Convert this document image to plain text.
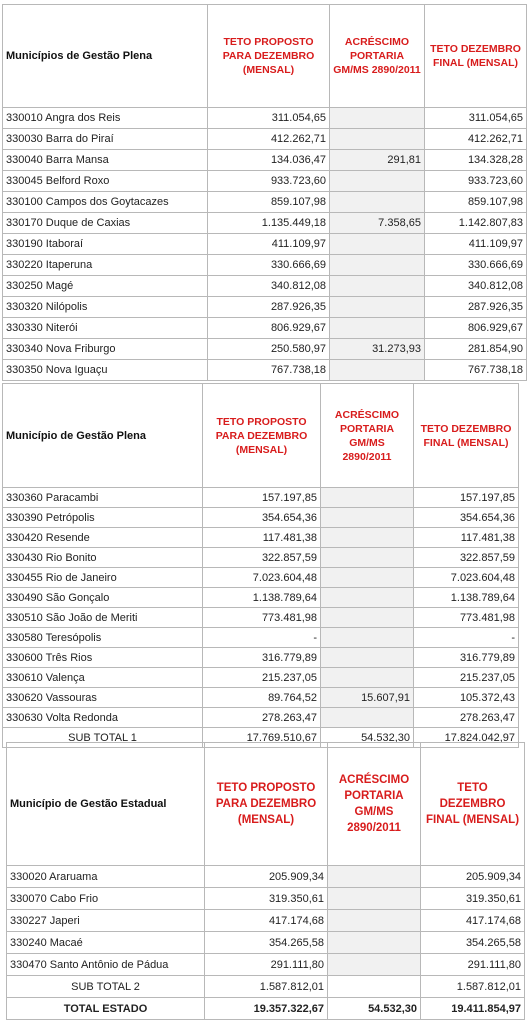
Municípios de Gestão Plena	TETO PROPOSTO PARA DEZEMBRO (MENSAL)	ACRÉSCIMO PORTARIA GM/MS 2890/2011	TETO DEZEMBRO FINAL (MENSAL)
330010 Angra dos Reis	311.054,65		311.054,65
330030 Barra do Piraí	412.262,71		412.262,71
330040 Barra Mansa	134.036,47	291,81	134.328,28
330045 Belford Roxo	933.723,60		933.723,60
330100 Campos dos Goytacazes	859.107,98		859.107,98
330170 Duque de Caxias	1.135.449,18	7.358,65	1.142.807,83
330190 Itaboraí	411.109,97		411.109,97
330220 Itaperuna	330.666,69		330.666,69
330250 Magé	340.812,08		340.812,08
330320 Nilópolis	287.926,35		287.926,35
330330 Niterói	806.929,67		806.929,67
330340 Nova Friburgo	250.580,97	31.273,93	281.854,90
330350 Nova Iguaçu	767.738,18		767.738,18
Município de Gestão Plena	TETO PROPOSTO PARA DEZEMBRO (MENSAL)	ACRÉSCIMO PORTARIA GM/MS 2890/2011	TETO DEZEMBRO FINAL (MENSAL)
330360 Paracambi	157.197,85		157.197,85
330390 Petrópolis	354.654,36		354.654,36
330420 Resende	117.481,38		117.481,38
330430 Rio Bonito	322.857,59		322.857,59
330455 Rio de Janeiro	7.023.604,48		7.023.604,48
330490 São Gonçalo	1.138.789,64		1.138.789,64
330510 São João de Meriti	773.481,98		773.481,98
330580 Teresópolis	-		-
330600 Três Rios	316.779,89		316.779,89
330610 Valença	215.237,05		215.237,05
330620 Vassouras	89.764,52	15.607,91	105.372,43
330630 Volta Redonda	278.263,47		278.263,47
SUB TOTAL 1	17.769.510,67	54.532,30	17.824.042,97
Município de Gestão Estadual	TETO PROPOSTO PARA DEZEMBRO (MENSAL)	ACRÉSCIMO PORTARIA GM/MS 2890/2011	TETO DEZEMBRO FINAL (MENSAL)
330020 Araruama	205.909,34		205.909,34
330070 Cabo Frio	319.350,61		319.350,61
330227 Japeri	417.174,68		417.174,68
330240 Macaé	354.265,58		354.265,58
330470 Santo Antônio de Pádua	291.111,80		291.111,80
SUB TOTAL 2	1.587.812,01		1.587.812,01
TOTAL ESTADO	19.357.322,67	54.532,30	19.411.854,97
